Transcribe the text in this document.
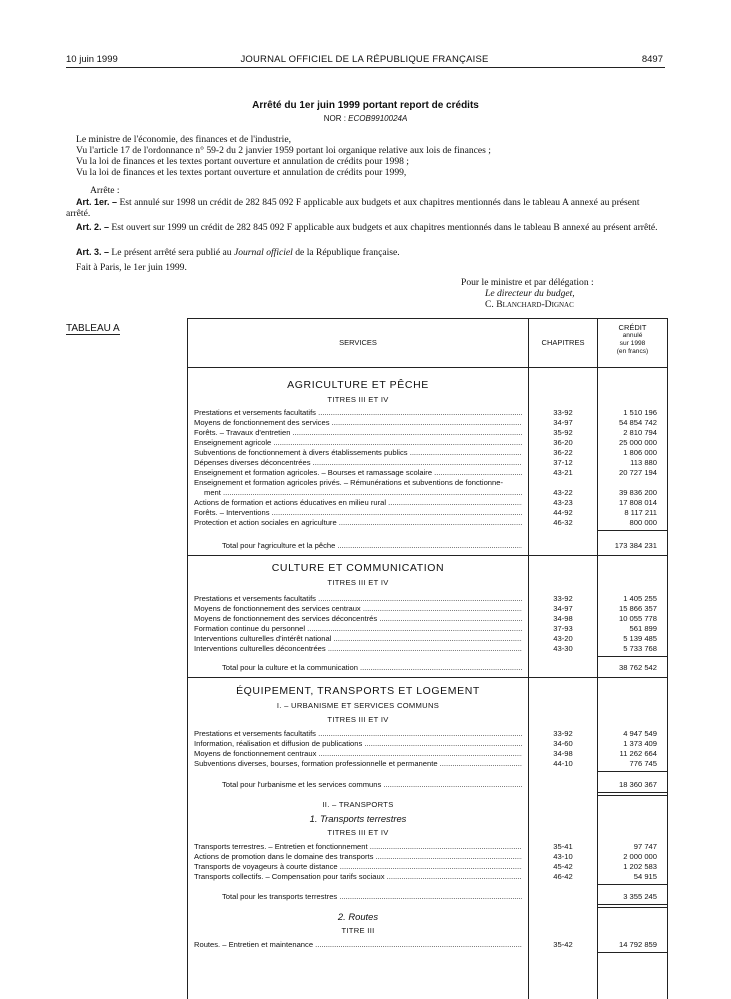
10 juin 1999	JOURNAL OFFICIEL DE LA RÉPUBLIQUE FRANÇAISE	8497
Arrêté du 1er juin 1999 portant report de crédits
NOR : ECOB9910024A

Le ministre de l'économie, des finances et de l'industrie,

Vu l'article 17 de l'ordonnance n° 59-2 du 2 janvier 1959 portant loi organique relative aux lois de finances ;

Vu la loi de finances et les textes portant ouverture et annulation de crédits pour 1998 ;

Vu la loi de finances et les textes portant ouverture et annulation de crédits pour 1999,

Arrête :

Art. 1er. – Est annulé sur 1998 un crédit de 282 845 092 F applicable aux budgets et aux chapitres mentionnés dans le tableau A annexé au présent arrêté.

Art. 2. – Est ouvert sur 1999 un crédit de 282 845 092 F applicable aux budgets et aux chapitres mentionnés dans le tableau B annexé au présent arrêté.

Art. 3. – Le présent arrêté sera publié au Journal officiel de la République française.

Fait à Paris, le 1er juin 1999.
Pour le ministre et par délégation :
Le directeur du budget,
C. Blanchard-Dignac
TABLEAU A
SERVICES	CHAPITRES
CRÉDIT
annulé
sur 1998
(en francs)
AGRICULTURE ET PÊCHE
TITRES III ET IV
Prestations et versements facultatifs .....	33-92	1 510 196
Moyens de fonctionnement des services .....	34-97	54 854 742
Forêts. – Travaux d'entretien .....	35-92	2 810 794
Enseignement agricole .....	36-20	25 000 000
Subventions de fonctionnement à divers établissements publics .....	36-22	1 806 000
Dépenses diverses déconcentrées .....	37-12	113 880
Enseignement et formation agricoles. – Bourses et ramassage scolaire .....	43-21	20 727 194
Enseignement et formation agricoles privés. – Rémunérations et subventions de fonctionne-
ment .....	43-22	39 836 200
Actions de formation et actions éducatives en milieu rural .....	43-23	17 808 014
Forêts. – Interventions .....	44-92	8 117 211
Protection et action sociales en agriculture .....	46-32	800 000
Total pour l'agriculture et la pêche .....	173 384 231
CULTURE ET COMMUNICATION
TITRES III ET IV
Prestations et versements facultatifs .....	33-92	1 405 255
Moyens de fonctionnement des services centraux .....	34-97	15 866 357
Moyens de fonctionnement des services déconcentrés .....	34-98	10 055 778
Formation continue du personnel .....	37-93	561 899
Interventions culturelles d'intérêt national .....	43-20	5 139 485
Interventions culturelles déconcentrées .....	43-30	5 733 768
Total pour la culture et la communication .....	38 762 542
ÉQUIPEMENT, TRANSPORTS ET LOGEMENT
I. – URBANISME ET SERVICES COMMUNS
TITRES III ET IV
Prestations et versements facultatifs .....	33-92	4 947 549
Information, réalisation et diffusion de publications .....	34-60	1 373 409
Moyens de fonctionnement centraux .....	34-98	11 262 664
Subventions diverses, bourses, formation professionnelle et permanente .....	44-10	776 745
Total pour l'urbanisme et les services communs .....	18 360 367
II. – TRANSPORTS
1. Transports terrestres
TITRES III ET IV
Transports terrestres. – Entretien et fonctionnement .....	35-41	97 747
Actions de promotion dans le domaine des transports .....	43-10	2 000 000
Transports de voyageurs à courte distance .....	45-42	1 202 583
Transports collectifs. – Compensation pour tarifs sociaux .....	46-42	54 915
Total pour les transports terrestres .....	3 355 245
2. Routes
TITRE III
Routes. – Entretien et maintenance .....	35-42	14 792 859
